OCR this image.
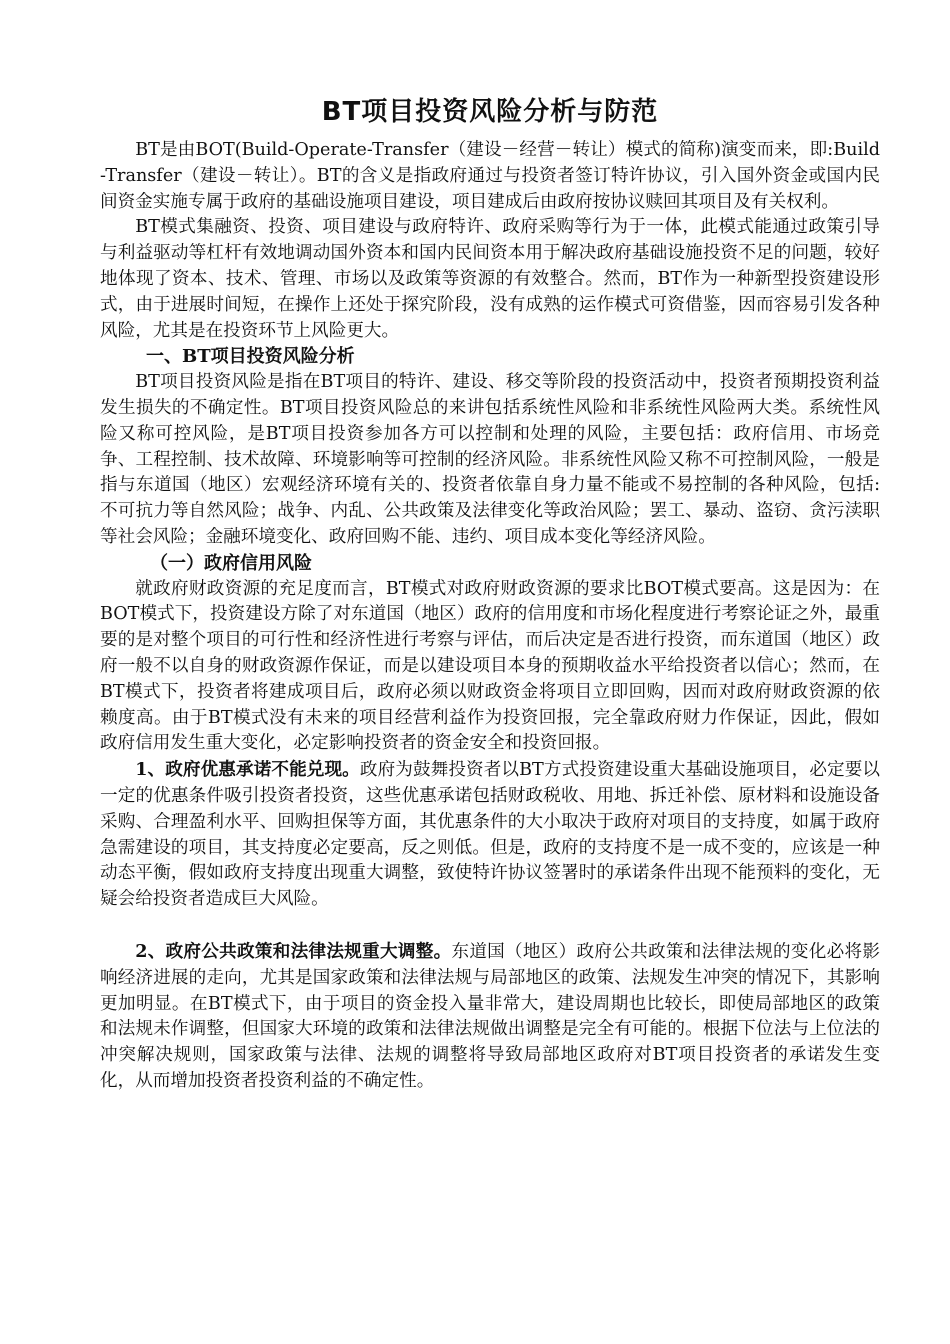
BT项目投资风险分析与防范

BT是由BOT(Build-Operate-Transfer（建设－经营－转让）模式的简称)演变而来，即:Build-Transfer（建设－转让）。BT的含义是指政府通过与投资者签订特许协议，引入国外资金或国内民间资金实施专属于政府的基础设施项目建设，项目建成后由政府按协议赎回其项目及有关权利。

BT模式集融资、投资、项目建设与政府特许、政府采购等行为于一体，此模式能通过政策引导与利益驱动等杠杆有效地调动国外资本和国内民间资本用于解决政府基础设施投资不足的问题，较好地体现了资本、技术、管理、市场以及政策等资源的有效整合。然而，BT作为一种新型投资建设形式，由于进展时间短，在操作上还处于探究阶段，没有成熟的运作模式可资借鉴，因而容易引发各种风险，尤其是在投资环节上风险更大。

一、BT项目投资风险分析

BT项目投资风险是指在BT项目的特许、建设、移交等阶段的投资活动中，投资者预期投资利益发生损失的不确定性。BT项目投资风险总的来讲包括系统性风险和非系统性风险两大类。系统性风险又称可控风险，是BT项目投资参加各方可以控制和处理的风险，主要包括：政府信用、市场竞争、工程控制、技术故障、环境影响等可控制的经济风险。非系统性风险又称不可控制风险，一般是指与东道国（地区）宏观经济环境有关的、投资者依靠自身力量不能或不易控制的各种风险，包括:不可抗力等自然风险；战争、内乱、公共政策及法律变化等政治风险；罢工、暴动、盗窃、贪污渎职等社会风险；金融环境变化、政府回购不能、违约、项目成本变化等经济风险。

（一）政府信用风险

就政府财政资源的充足度而言，BT模式对政府财政资源的要求比BOT模式要高。这是因为：在BOT模式下，投资建设方除了对东道国（地区）政府的信用度和市场化程度进行考察论证之外，最重要的是对整个项目的可行性和经济性进行考察与评估，而后决定是否进行投资，而东道国（地区）政府一般不以自身的财政资源作保证，而是以建设项目本身的预期收益水平给投资者以信心；然而，在BT模式下，投资者将建成项目后，政府必须以财政资金将项目立即回购，因而对政府财政资源的依赖度高。由于BT模式没有未来的项目经营利益作为投资回报，完全靠政府财力作保证，因此，假如政府信用发生重大变化，必定影响投资者的资金安全和投资回报。

1、政府优惠承诺不能兑现。政府为鼓舞投资者以BT方式投资建设重大基础设施项目，必定要以一定的优惠条件吸引投资者投资，这些优惠承诺包括财政税收、用地、拆迁补偿、原材料和设施设备采购、合理盈利水平、回购担保等方面，其优惠条件的大小取决于政府对项目的支持度，如属于政府急需建设的项目，其支持度必定要高，反之则低。但是，政府的支持度不是一成不变的，应该是一种动态平衡，假如政府支持度出现重大调整，致使特许协议签署时的承诺条件出现不能预料的变化，无疑会给投资者造成巨大风险。

2、政府公共政策和法律法规重大调整。东道国（地区）政府公共政策和法律法规的变化必将影响经济进展的走向，尤其是国家政策和法律法规与局部地区的政策、法规发生冲突的情况下，其影响更加明显。在BT模式下，由于项目的资金投入量非常大，建设周期也比较长，即使局部地区的政策和法规未作调整，但国家大环境的政策和法律法规做出调整是完全有可能的。根据下位法与上位法的冲突解决规则，国家政策与法律、法规的调整将导致局部地区政府对BT项目投资者的承诺发生变化，从而增加投资者投资利益的不确定性。
